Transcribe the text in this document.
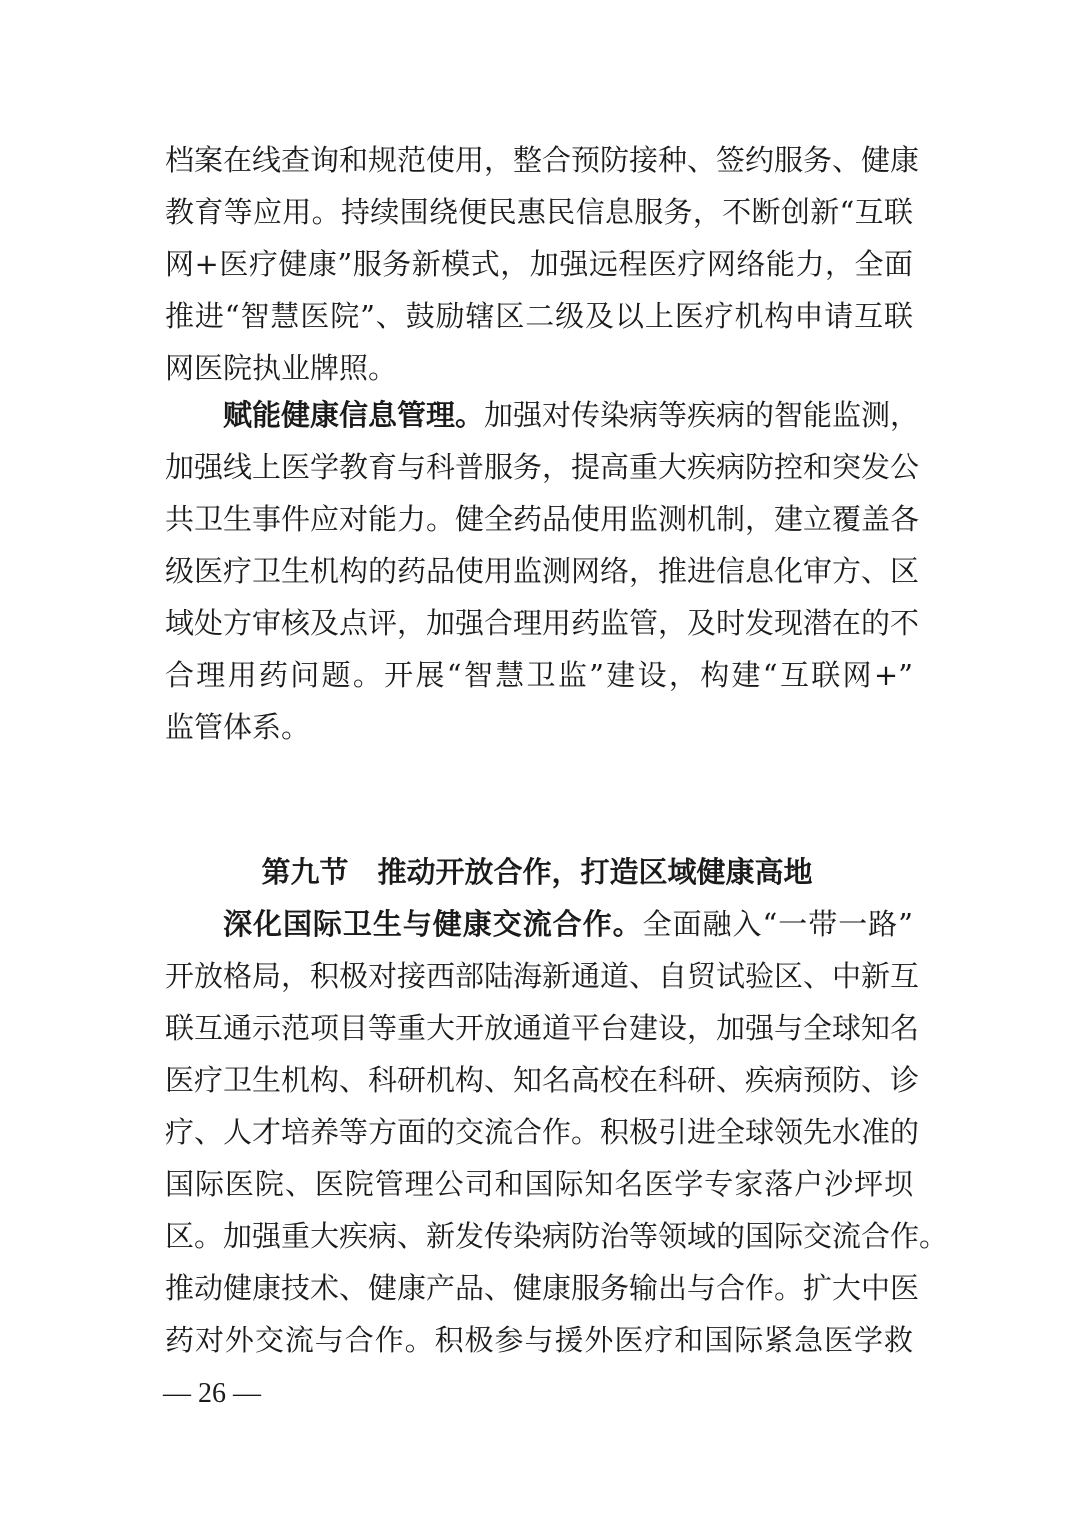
档案在线查询和规范使用，整合预防接种、签约服务、健康
教育等应用。持续围绕便民惠民信息服务，不断创新“互联
网+医疗健康”服务新模式，加强远程医疗网络能力，全面
推进“智慧医院”、鼓励辖区二级及以上医疗机构申请互联
网医院执业牌照。
赋能健康信息管理。加强对传染病等疾病的智能监测，
加强线上医学教育与科普服务，提高重大疾病防控和突发公
共卫生事件应对能力。健全药品使用监测机制，建立覆盖各
级医疗卫生机构的药品使用监测网络，推进信息化审方、区
域处方审核及点评，加强合理用药监管，及时发现潜在的不
合理用药问题。开展“智慧卫监”建设，构建“互联网+”
监管体系。
第九节　推动开放合作，打造区域健康高地
深化国际卫生与健康交流合作。全面融入“一带一路”
开放格局，积极对接西部陆海新通道、自贸试验区、中新互
联互通示范项目等重大开放通道平台建设，加强与全球知名
医疗卫生机构、科研机构、知名高校在科研、疾病预防、诊
疗、人才培养等方面的交流合作。积极引进全球领先水准的
国际医院、医院管理公司和国际知名医学专家落户沙坪坝
区。加强重大疾病、新发传染病防治等领域的国际交流合作。
推动健康技术、健康产品、健康服务输出与合作。扩大中医
药对外交流与合作。积极参与援外医疗和国际紧急医学救
— 26 —
